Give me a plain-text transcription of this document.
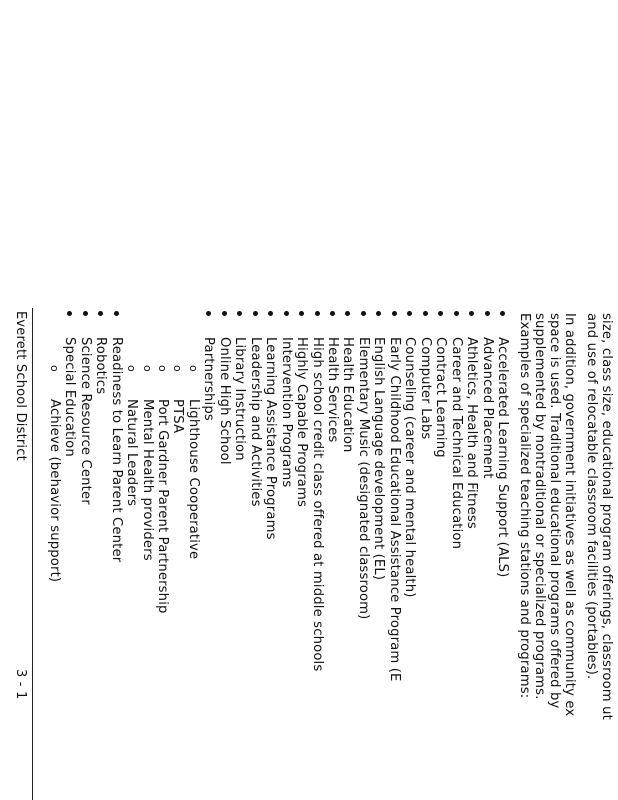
size, class size, educational program offerings, classroom ut
and use of relocatable classroom facilities (portables).
In addition, government initiatives as well as community ex
space is used. Traditional educational programs offered by
supplemented by nontraditional or specialized programs.
Examples of specialized teaching stations and programs:
Accelerated Learning Support (ALS)
Advanced Placement
Athletics, Health and Fitness
Career and Technical Education
Contract Learning
Computer Labs
Counseling (career and mental health)
Early Childhood Educational Assistance Program (E
English Language development (EL)
Elementary Music (designated classroom)
Health Education
Health Services
High school credit class offered at middle schools
Highly Capable Programs
Intervention Programs
Learning Assistance Programs
Leadership and Activities
Library Instruction
Online High School
Partnerships
o
Lighthouse Cooperative
o
PTSA
o
Port Gardner Parent Partnership
o
Mental Health providers
o
Natural Leaders
Readiness to Learn Parent Center
Robotics
Science Resource Center
Special Education
o
Achieve (behavior support)
Everett School District
3 - 1
